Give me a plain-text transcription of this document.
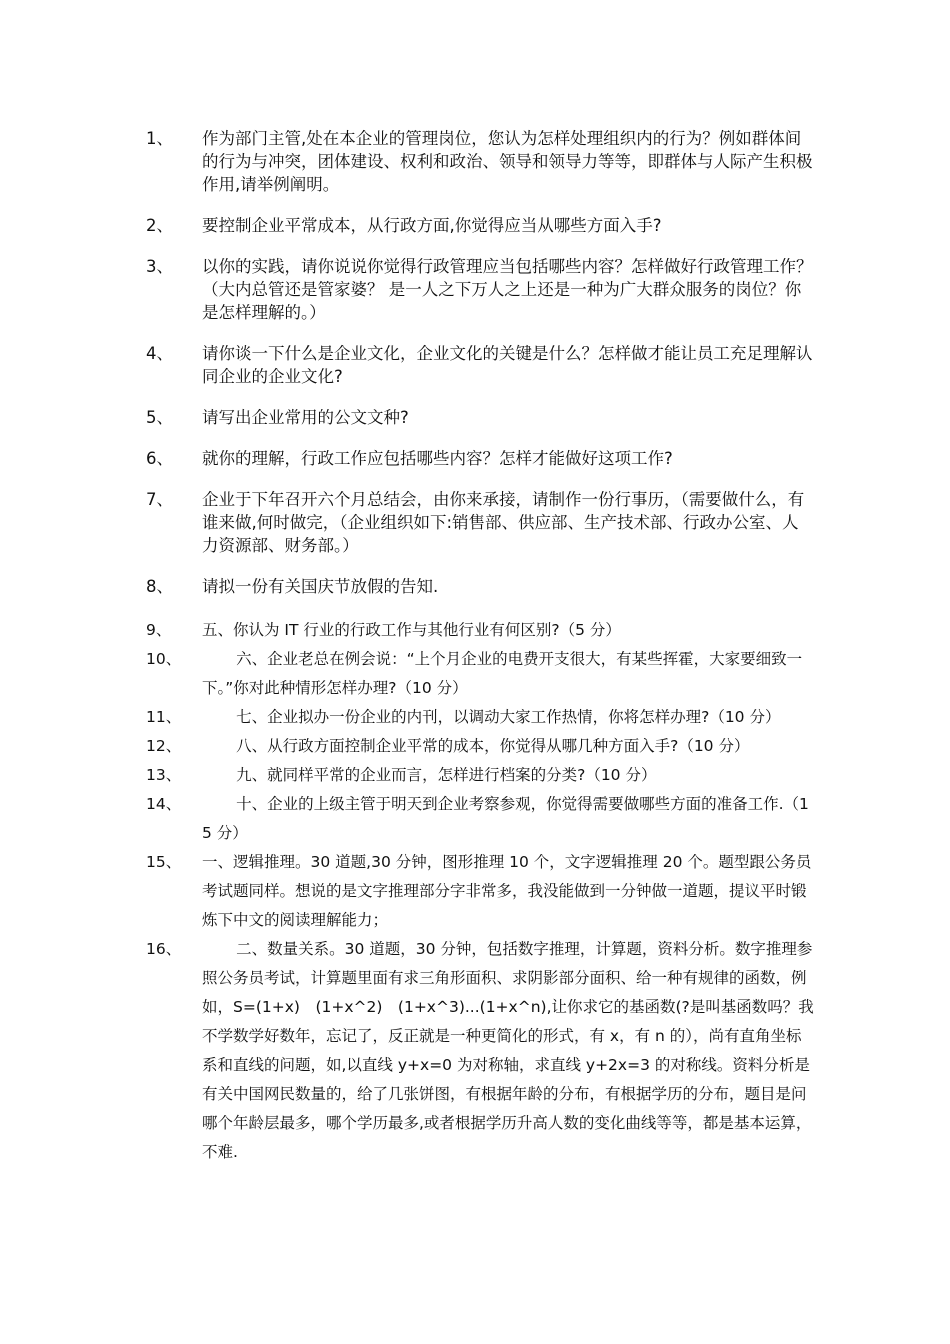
1、	作为部门主管,处在本企业的管理岗位，您认为怎样处理组织内的行为？例如群体间的行为与冲突，团体建设、权利和政治、领导和领导力等等，即群体与人际产生积极作用,请举例阐明。
2、	要控制企业平常成本，从行政方面,你觉得应当从哪些方面入手?
3、	以你的实践，请你说说你觉得行政管理应当包括哪些内容？怎样做好行政管理工作？ （大内总管还是管家婆？ 是一人之下万人之上还是一种为广大群众服务的岗位？你是怎样理解的。）
4、	请你谈一下什么是企业文化，企业文化的关键是什么？怎样做才能让员工充足理解认同企业的企业文化?
5、	请写出企业常用的公文文种?
6、	就你的理解，行政工作应包括哪些内容？怎样才能做好这项工作?
7、	企业于下年召开六个月总结会，由你来承接，请制作一份行事历，（需要做什么，有谁来做,何时做完，（企业组织如下:销售部、供应部、生产技术部、行政办公室、人力资源部、财务部。）
8、	请拟一份有关国庆节放假的告知.
9、	五、你认为 IT 行业的行政工作与其他行业有何区别?（5 分）
10、	六、企业老总在例会说：“上个月企业的电费开支很大，有某些挥霍，大家要细致一下。”你对此种情形怎样办理?（10 分）
11、	七、企业拟办一份企业的内刊，以调动大家工作热情，你将怎样办理?（10 分）
12、	八、从行政方面控制企业平常的成本，你觉得从哪几种方面入手?（10 分）
13、	九、就同样平常的企业而言，怎样进行档案的分类?（10 分）
14、	十、企业的上级主管于明天到企业考察参观，你觉得需要做哪些方面的准备工作.（15 分）
15、	一、逻辑推理。30 道题,30 分钟，图形推理 10 个，文字逻辑推理 20 个。题型跟公务员考试题同样。想说的是文字推理部分字非常多，我没能做到一分钟做一道题，提议平时锻炼下中文的阅读理解能力；
16、	二、数量关系。30 道题，30 分钟，包括数字推理，计算题，资料分析。数字推理参照公务员考试，计算题里面有求三角形面积、求阴影部分面积、给一种有规律的函数，例如，S=(1+x)　(1+x^2)　(1+x^3)...(1+x^n),让你求它的基函数(?是叫基函数吗？我不学数学好数年，忘记了，反正就是一种更简化的形式，有 x，有 n 的），尚有直角坐标系和直线的问题，如,以直线 y+x=0 为对称轴，求直线 y+2x=3 的对称线。资料分析是有关中国网民数量的，给了几张饼图，有根据年龄的分布，有根据学历的分布，题目是问哪个年龄层最多，哪个学历最多,或者根据学历升高人数的变化曲线等等，都是基本运算，不难.
